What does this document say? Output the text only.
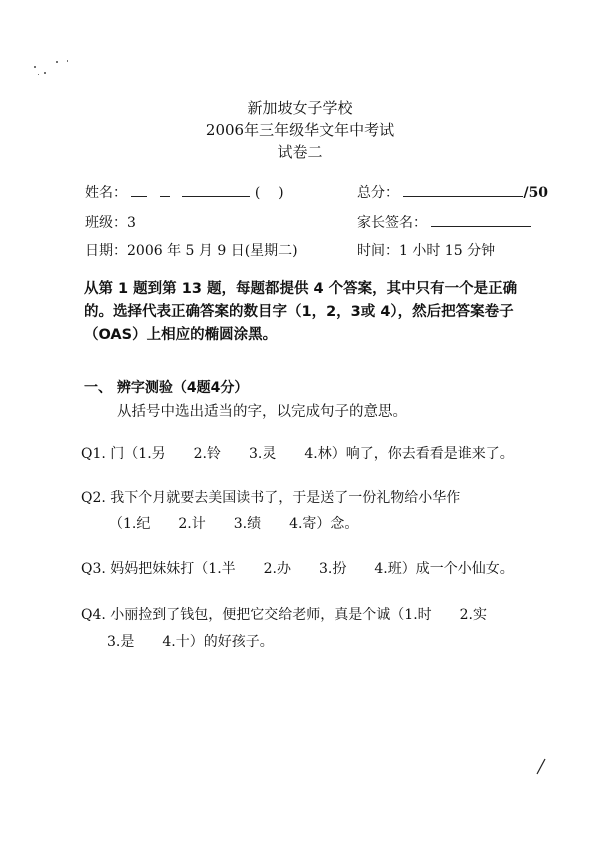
新加坡女子学校
2006年三年级华文年中考试
试卷二
姓名：	(    )	总分：	/50
班级：3	家长签名：
日期：2006 年 5 月 9 日(星期二)	时间：1 小时 15 分钟
从第 1 题到第 13 题，每题都提供 4 个答案，其中只有一个是正确的。选择代表正确答案的数目字（1，2，3或 4），然后把答案卷子（OAS）上相应的椭圆涂黑。
一、 辨字测验（4题4分）
从括号中选出适当的字，以完成句子的意思。
Q1. 门（1.另　　2.铃　　3.灵　　4.林）响了，你去看看是谁来了。
Q2. 我下个月就要去美国读书了，于是送了一份礼物给小华作
（1.纪　　2.计　　3.绩　　4.寄）念。
Q3. 妈妈把妹妹打（1.半　　2.办　　3.扮　　4.班）成一个小仙女。
Q4. 小丽捡到了钱包，便把它交给老师，真是个诚（1.时　　2.实
3.是　　4.十）的好孩子。
